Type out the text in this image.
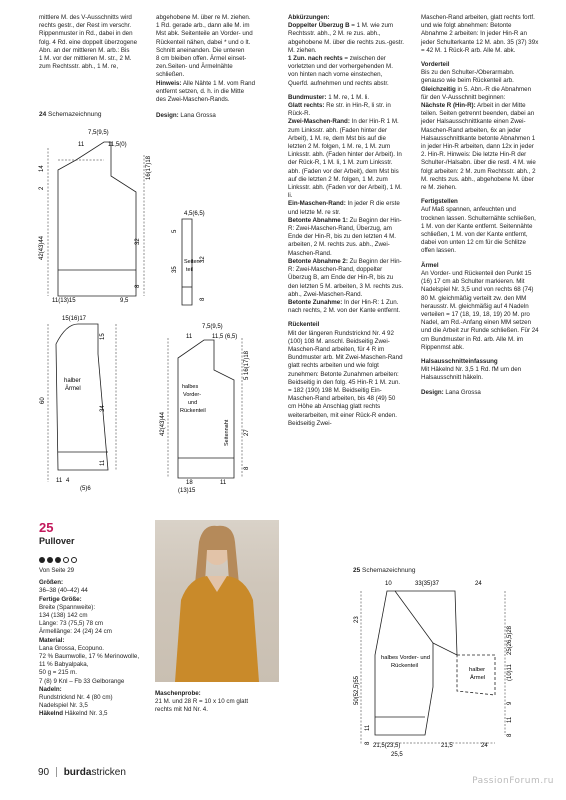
mittlere M. des V-Ausschnitts wird
rechts gestr., der Rest im verschr.
Rippenmuster in Rd., dabei in den
folg. 4 Rd. eine doppelt überzogene
Abn. an der mittleren M. arb.: Bis
1 M. vor der mittleren M. str., 2 M.
zum Rechtsstr. abh., 1 M. re,
24 Schemazeichnung
7,5(9,5)
11	11,5(0)
14
2
42(43)44
16(17)18
32
8
11(13)15	9,5
15(16)17
15
halber
Ärmel
34
60
11
11 4
(5)6
4,5(6,5)
5
35
32
8
Seiten-
teil
7,5(9,5)
11	11,5 (6,5)
halbes
Vorder-
und
Rückenteil
5 16(17)18
27
8
Seitennaht
42(43)44
18
(13)15
11
abgehobene M. über re M. ziehen.
1 Rd. gerade arb., dann alle M. im
Mst abk. Seitenteile an Vorder- und
Rückenteil nähen, dabei * und o lt.
Schnitt aneinanden. Die unteren
8 cm bleiben offen. Ärmel einset-
zen.Seiten- und Ärmelnähte
schließen.
Hinweis: Alle Nähte 1 M. vom Rand
entfernt setzen, d. h. in die Mitte
des Zwei-Maschen-Rands.
Design: Lana Grossa
Abkürzungen:

Doppelter Überzug B = 1 M. wie zum Rechtsstr. abh., 2 M. re zus. abh., abgehobene M. über die rechts zus.-gestr. M. ziehen.

1 Zun. nach rechts = zwischen der vorletzten und der vorhergehenden M. von hinten nach vorne einstechen, Querfd. aufnehmen und rechts abstr.

Bundmuster: 1 M. re, 1 M. li.

Glatt rechts: Re str. in Hin-R, li str. in Rück-R.

Zwei-Maschen-Rand: In der Hin-R 1 M. zum Linksstr. abh. (Faden hinter der Arbeit), 1 M. re, dem Mst bis auf die letzten 2 M. folgen, 1 M. re, 1 M. zum Linksstr. abh. (Faden hinter der Arbeit). In der Rück-R, 1 M. li, 1 M. zum Linksstr. abh. (Faden vor der Arbeit), dem Mst bis auf die letzten 2 M. folgen, 1 M. zum Linksstr. abh. (Faden vor der Arbeit), 1 M. li.

Ein-Maschen-Rand: In jeder R die erste und letzte M. re str.

Betonte Abnahme 1: Zu Beginn der Hin-R: Zwei-Maschen-Rand, Überzug, am Ende der Hin-R, bis zu den letzten 4 M. arbeiten, 2 M. rechts zus. abh., Zwei-Maschen-Rand.

Betonte Abnahme 2: Zu Beginn der Hin-R: Zwei-Maschen-Rand, doppelter Überzug B, am Ende der Hin-R, bis zu den letzten 5 M. arbeiten, 3 M. rechts zus. abh., Zwei-Maschen-Rand.

Betonte Zunahme: In der Hin-R: 1 Zun. nach rechts, 2 M. von der Kante entfernt.

Rückenteil

Mit der längeren Rundstricknd Nr. 4 92 (100) 108 M. anschl. Beidseitig Zwei-Maschen-Rand arbeiten, für 4 R im Bundmuster arb. Mit Zwei-Maschen-Rand glatt rechts arbeiten und wie folgt zunehmen: Betonte Zunahmen arbeiten: Beidseitig in den folg. 45 Hin-R 1 M. zun. = 182 (190) 198 M. Beidseitig Ein-Maschen-Rand arbeiten, bis 48 (49) 50 cm Höhe ab Anschlag glatt rechts weiterarbeiten, mit einer Rück-R enden. Beidseitig Zwei-

Maschen-Rand arbeiten, glatt rechts fortf. und wie folgt abnehmen: Betonte Abnahme 2 arbeiten: In jeder Hin-R an jeder Schulterkante 12 M. abn. 35 (37) 39x = 42 M. 1 Rück-R arb. Alle M. abk.

Vorderteil

Bis zu den Schulter-/Oberarmabn. genauso wie beim Rückenteil arb.

Gleichzeitig in 5. Abn.-R die Abnahmen für den V-Ausschnitt beginnen:

Nächste R (Hin-R): Arbeit in der Mitte teilen. Seiten getrennt beenden, dabei an jeder Halsausschnittkante einen Zwei-Maschen-Rand arbeiten, 6x an jeder Halsausschnittkante betonte Abnahmen 1 in jeder Hin-R arbeiten, dann 12x in jeder 2. Hin-R. Hinweis: Die letzte Hin-R der Schulter-/Halsabn. über die restl. 4 M. wie folgt arbeiten: 2 M. zum Rechtsstr. abh., 2 M. rechts zus. abh., abgehobene M. über re M. ziehen.

Fertigstellen

Auf Maß spannen, anfeuchten und trocknen lassen. Schulternähte schließen, 1 M. von der Kante entfernt. Seitennähte schließen, 1 M. von der Kante entfernt, dabei von unten 12 cm für die Schlitze offen lassen.

Ärmel

An Vorder- und Rückenteil den Punkt 15 (16) 17 cm ab Schulter markieren. Mit Nadelspiel Nr. 3,5 und von rechts 68 (74) 80 M. gleichmäßig verteilt zw. den MM herausstr. M. gleichmäßig auf 4 Nadeln verteilen = 17 (18, 19, 18, 19) 20 M. pro Nadel, am Rd.-Anfang einen MM setzen und die Arbeit zur Runde schließen. Für 24 cm Bundmuster in Rd. arb. Alle M. im Rippenmst abk.

Halsausschnitteinfassung

Mit Häkelnd Nr. 3,5 1 Rd. fM um den Halsausschnitt häkeln.

Design: Lana Grossa

25
Pullover
Von Seite 29
Größen:
36–38 (40–42) 44
Fertige Größe:
Breite (Spannweite):
134 (138) 142 cm
Länge: 73 (75,5) 78 cm
Ärmellänge: 24 (24) 24 cm
Material:
Lana Grossa, Ecopuno.
72 % Baumwolle, 17 % Merinowolle,
11 % Babyalpaka,
50 g = 215 m.
7 (8) 9 Knl – Fb 33 Gelborange
Nadeln:
Rundstricknd Nr. 4 (80 cm)
Nadelspiel Nr. 3,5
Häkelnd Häkelnd Nr. 3,5
Maschenprobe:
21 M. und 28 R = 10 x 10 cm glatt
rechts mit Nd Nr. 4.
25 Schemazeichnung
10	33(35)37	24
23
50(52,5)55
11
8
halbes Vorder- und
Rückenteil
halber
Ärmel
25(26,5)28
(10)11
9
11
8
21,5(23,5)	21,5	24
25,5
90 burdastricken
PassionForum.ru
